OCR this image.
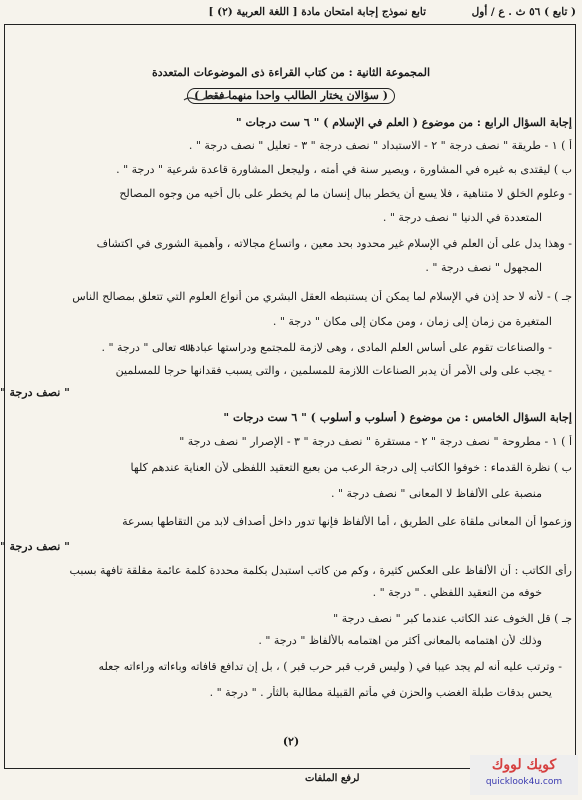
( تابع ) ٥٦ ث . ع / أول
تابع نموذج إجابة امتحان مادة [ اللغة العربية (٢) ]
المجموعة الثانية : من كتاب القراءة ذى الموضوعات المتعددة
( سؤالان يختار الطالب واحدا منهما فقط )
إجابة السؤال الرابع : من موضوع ( العلم في الإسلام ) " ٦ ست درجات "
أ ) ١ - طريقة " نصف درجة " ٢ - الاستبداد " نصف درجة " ٣ - تعليل " نصف درجة " .
ب ) ليقتدى به غيره في المشاورة ، ويصير سنة في أمته ، وليجعل المشاورة قاعدة شرعية " درجة " .
- وعلوم الخلق لا متناهية ، فلا يسع أن يخطر ببال إنسان ما لم يخطر على بال أخيه من وجوه المصالح
المتعددة في الدنيا " نصف درجة " .
- وهذا يدل على أن العلم في الإسلام غير محدود بحد معين ، واتساع مجالاته ، وأهمية الشورى في اكتشاف
المجهول " نصف درجة " .
جـ ) - لأنه لا حد إذن في الإسلام لما يمكن أن يستنبطه العقل البشري من أنواع العلوم التي تتعلق بمصالح الناس
المتغيرة من زمان إلى زمان ، ومن مكان إلى مكان " درجة " .
- والصناعات تقوم على أساس العلم المادى ، وهى لازمة للمجتمع ودراستها عبادة ﷲ تعالى " درجة " .
- يجب على ولى الأمر أن يدبر الصناعات اللازمة للمسلمين ، والتى يسبب فقدانها حرجا للمسلمين
" نصف درجة "
إجابة السؤال الخامس : من موضوع ( أسلوب و أسلوب ) " ٦ ست درجات "
أ ) ١ - مطروحة " نصف درجة " ٢ - مستقرة " نصف درجة " ٣ - الإصرار " نصف درجة "
ب ) نظرة القدماء : خوفوا الكاتب إلى درجة الرعب من بعبع التعقيد اللفظى لأن العناية عندهم كلها
منصبة على الألفاظ لا المعانى " نصف درجة " .
وزعموا أن المعانى ملقاة على الطريق ، أما الألفاظ فإنها تدور داخل أصداف لابد من التقاطها بسرعة
" نصف درجة "
رأى الكاتب : أن الألفاظ على العكس كثيرة ، وكم من كاتب استبدل بكلمة محددة كلمة عائمة مقلقة تافهة بسبب
خوفه من التعقيد اللفظي . " درجة " .
جـ ) قل الخوف عند الكاتب عندما كبر " نصف درجة "
وذلك لأن اهتمامه بالمعانى أكثر من اهتمامه بالألفاظ " درجة " .
- وترتب عليه أنه لم يجد عيبا في ( وليس قرب قبر حرب قبر ) ، بل إن تدافع قافاته وباءاته وراءاته جعله
يحس بدقات طبلة الغضب والحزن في مأتم القبيلة مطالبة بالثأر . " درجة " .
(٢)
لرفع الملفات
كويك لووك
quicklook4u.com
